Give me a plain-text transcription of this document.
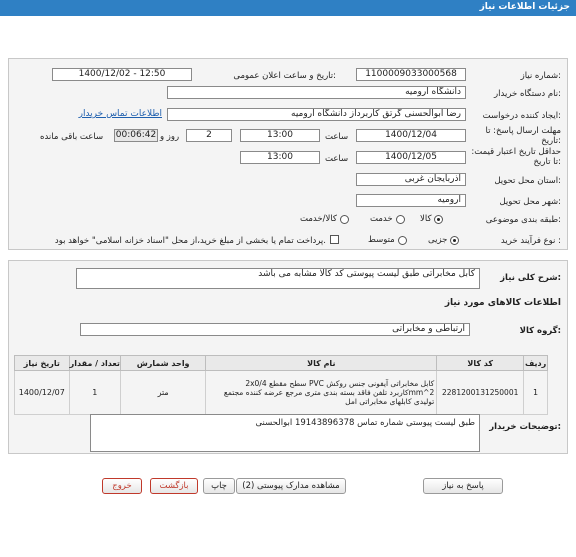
جزئیات اطلاعات نیاز
شماره نیاز:
1100009033000568
تاریخ و ساعت اعلان عمومی:
1400/12/02 - 12:50
نام دستگاه خریدار:
دانشگاه ارومیه
ایجاد کننده درخواست:
رضا ابوالحسنی گرتق کاربرداز دانشگاه ارومیه
اطلاعات تماس خریدار
مهلت ارسال پاسخ: تا تاریخ:
1400/12/04
ساعت
13:00
2
روز و
00:06:42
ساعت باقی مانده
حداقل تاریخ اعتبار قیمت: تا تاریخ:
1400/12/05
ساعت
13:00
استان محل تحویل:
آذربایجان غربی
شهر محل تحویل:
ارومیه
طبقه بندی موضوعی:
کالا
خدمت
کالا/خدمت
نوع فرآیند خرید :
جزیی
متوسط
پرداخت تمام یا بخشی از مبلغ خرید،از محل "اسناد خزانه اسلامی" خواهد بود.
شرح کلی نیاز:
کابل مخابراتی طبق لیست پیوستی کد کالا مشابه می باشد
اطلاعات کالاهای مورد نیاز
گروه کالا:
ارتباطی و مخابراتی
تاریخ نیاز	تعداد / مقدار	واحد شمارش	نام کالا	کد کالا	ردیف
1400/12/07	1	متر	کابل مخابراتی آیفونی جنس روکش PVC سطح مقطع 2x0/4 mm^2کاربرد تلفن فاقد بسته بندی متری مرجع عرضه کننده مجتمع تولیدی کابلهای مخابراتی امل	2281200131250001	1
توضیحات خریدار:
طبق لیست پیوستی شماره تماس 19143896378 ابوالحسنی
پاسخ به نیاز
مشاهده مدارک پیوستی (2)
چاپ
بازگشت
خروج
